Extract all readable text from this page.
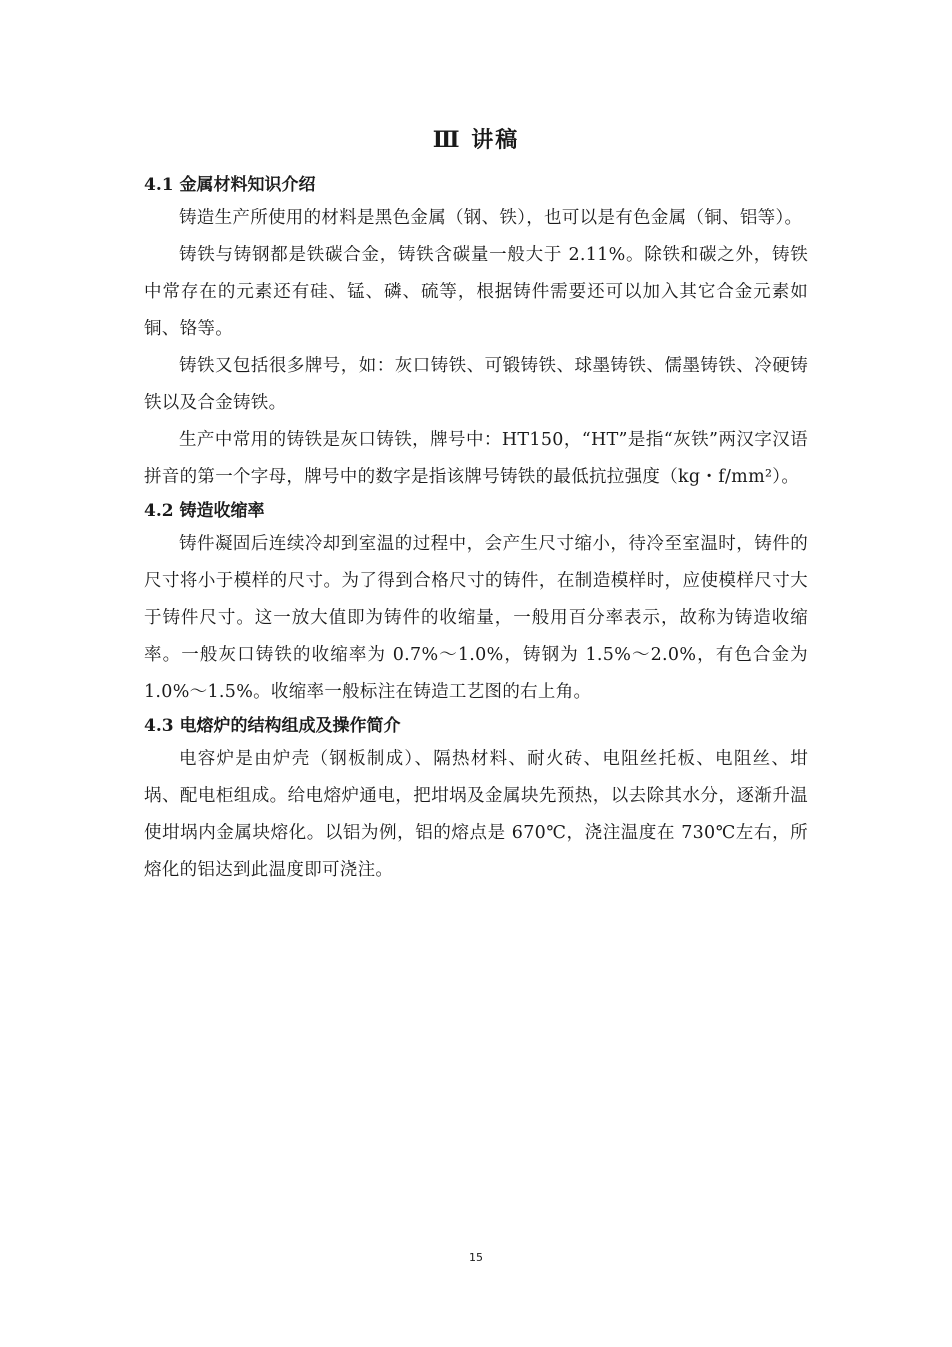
Ⅲ 讲稿

4.1 金属材料知识介绍

铸造生产所使用的材料是黑色金属（钢、铁），也可以是有色金属（铜、铝等）。

铸铁与铸钢都是铁碳合金，铸铁含碳量一般大于 2.11%。除铁和碳之外，铸铁中常存在的元素还有硅、锰、磷、硫等，根据铸件需要还可以加入其它合金元素如铜、铬等。

铸铁又包括很多牌号，如：灰口铸铁、可锻铸铁、球墨铸铁、儒墨铸铁、冷硬铸铁以及合金铸铁。

生产中常用的铸铁是灰口铸铁，牌号中：HT150，“HT”是指“灰铁”两汉字汉语拼音的第一个字母，牌号中的数字是指该牌号铸铁的最低抗拉强度（kg・f/mm²）。

4.2 铸造收缩率

铸件凝固后连续冷却到室温的过程中，会产生尺寸缩小，待冷至室温时，铸件的尺寸将小于模样的尺寸。为了得到合格尺寸的铸件，在制造模样时，应使模样尺寸大于铸件尺寸。这一放大值即为铸件的收缩量，一般用百分率表示，故称为铸造收缩率。一般灰口铸铁的收缩率为 0.7%～1.0%，铸钢为 1.5%～2.0%，有色合金为 1.0%～1.5%。收缩率一般标注在铸造工艺图的右上角。

4.3 电熔炉的结构组成及操作简介

电容炉是由炉壳（钢板制成）、隔热材料、耐火砖、电阻丝托板、电阻丝、坩埚、配电柜组成。给电熔炉通电，把坩埚及金属块先预热，以去除其水分，逐渐升温使坩埚内金属块熔化。以铝为例，铝的熔点是 670℃，浇注温度在 730℃左右，所熔化的铝达到此温度即可浇注。

15
